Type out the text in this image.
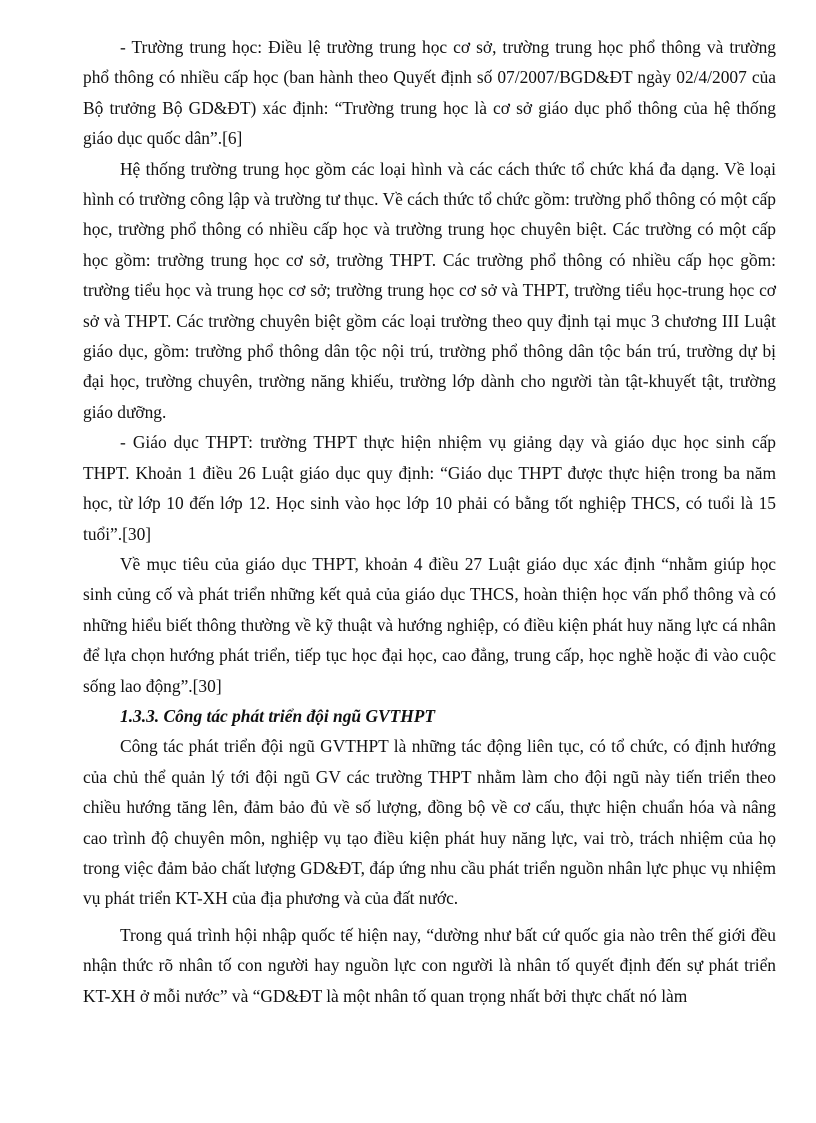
- Trường trung học: Điều lệ trường trung học cơ sở, trường trung học phổ thông và trường phổ thông có nhiều cấp học (ban hành theo Quyết định số 07/2007/BGD&ĐT ngày 02/4/2007 của Bộ trưởng Bộ GD&ĐT) xác định: “Trường trung học là cơ sở giáo dục phổ thông của hệ thống giáo dục quốc dân”.[6]

Hệ thống trường trung học gồm các loại hình và các cách thức tổ chức khá đa dạng. Về loại hình có trường công lập và trường tư thục. Về cách thức tổ chức gồm: trường phổ thông có một cấp học, trường phổ thông có nhiều cấp học và trường trung học chuyên biệt. Các trường có một cấp học gồm: trường trung học cơ sở, trường THPT. Các trường phổ thông có nhiều cấp học gồm: trường tiểu học và trung học cơ sở; trường trung học cơ sở và THPT, trường tiểu học-trung học cơ sở và THPT. Các trường chuyên biệt gồm các loại trường theo quy định tại mục 3 chương III Luật giáo dục, gồm: trường phổ thông dân tộc nội trú, trường phổ thông dân tộc bán trú, trường dự bị đại học, trường chuyên, trường năng khiếu, trường lớp dành cho người tàn tật-khuyết tật, trường giáo dưỡng.

- Giáo dục THPT: trường THPT thực hiện nhiệm vụ giảng dạy và giáo dục học sinh cấp THPT. Khoản 1 điều 26 Luật giáo dục quy định: “Giáo dục THPT được thực hiện trong ba năm học, từ lớp 10 đến lớp 12. Học sinh vào học lớp 10 phải có bằng tốt nghiệp THCS, có tuổi là 15 tuổi”.[30]

Về mục tiêu của giáo dục THPT, khoản 4 điều 27 Luật giáo dục xác định “nhằm giúp học sinh củng cố và phát triển những kết quả của giáo dục THCS, hoàn thiện học vấn phổ thông và có những hiểu biết thông thường về kỹ thuật và hướng nghiệp, có điều kiện phát huy năng lực cá nhân để lựa chọn hướng phát triển, tiếp tục học đại học, cao đẳng, trung cấp, học nghề hoặc đi vào cuộc sống lao động”.[30]

1.3.3. Công tác phát triển đội ngũ GVTHPT

Công tác phát triển đội ngũ GVTHPT là những tác động liên tục, có tổ chức, có định hướng của chủ thể quản lý tới đội ngũ GV các trường THPT nhằm làm cho đội ngũ này tiến triển theo chiều hướng tăng lên, đảm bảo đủ về số lượng, đồng bộ về cơ cấu, thực hiện chuẩn hóa và nâng cao trình độ chuyên môn, nghiệp vụ tạo điều kiện phát huy năng lực, vai trò, trách nhiệm của họ trong việc đảm bảo chất lượng GD&ĐT, đáp ứng nhu cầu phát triển nguồn nhân lực phục vụ nhiệm vụ phát triển KT-XH của địa phương và của đất nước.

Trong quá trình hội nhập quốc tế hiện nay, “dường như bất cứ quốc gia nào trên thế giới đều nhận thức rõ nhân tố con người hay nguồn lực con người là nhân tố quyết định đến sự phát triển KT-XH ở mỗi nước” và “GD&ĐT là một nhân tố quan trọng nhất bởi thực chất nó làm
